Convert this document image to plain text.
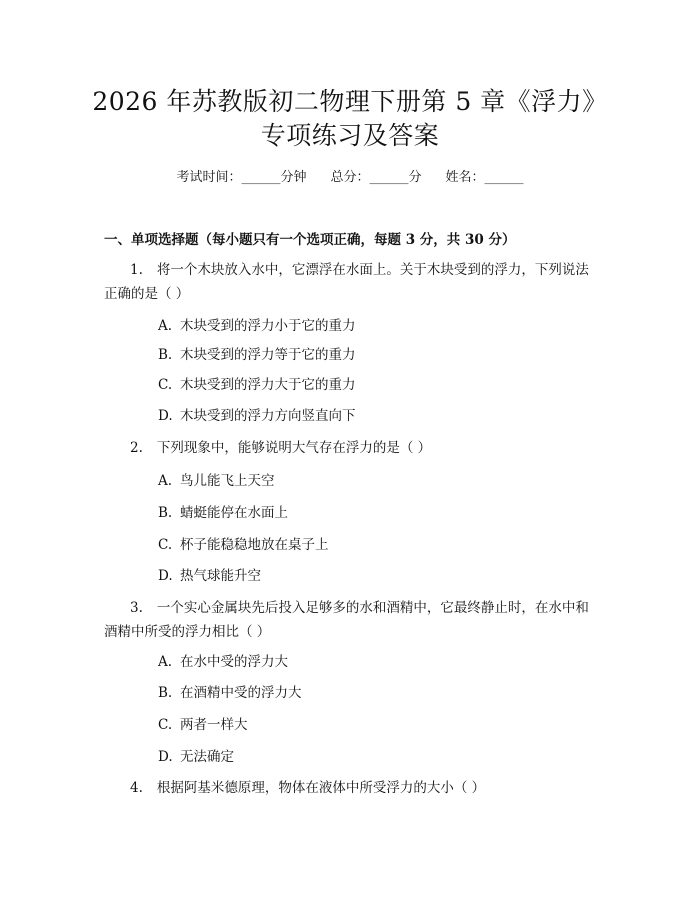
2026 年苏教版初二物理下册第 5 章《浮力》
专项练习及答案
考试时间：______分钟 总分：______分 姓名：______
一、单项选择题（每小题只有一个选项正确，每题 3 分，共 30 分）
1. 将一个木块放入水中，它漂浮在水面上。关于木块受到的浮力，下列说法正确的是（ ）
A. 木块受到的浮力小于它的重力
B. 木块受到的浮力等于它的重力
C. 木块受到的浮力大于它的重力
D. 木块受到的浮力方向竖直向下
2. 下列现象中，能够说明大气存在浮力的是（ ）
A. 鸟儿能飞上天空
B. 蜻蜓能停在水面上
C. 杯子能稳稳地放在桌子上
D. 热气球能升空
3. 一个实心金属块先后投入足够多的水和酒精中，它最终静止时，在水中和酒精中所受的浮力相比（ ）
A. 在水中受的浮力大
B. 在酒精中受的浮力大
C. 两者一样大
D. 无法确定
4. 根据阿基米德原理，物体在液体中所受浮力的大小（ ）
